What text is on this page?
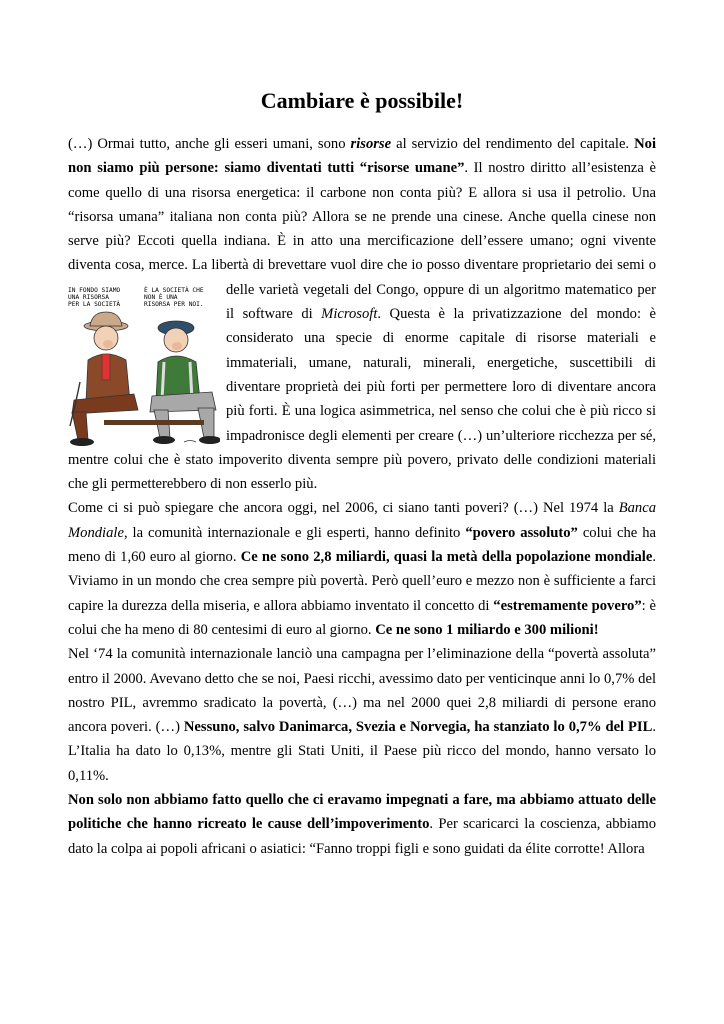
Cambiare è possibile!

(…) Ormai tutto, anche gli esseri umani, sono risorse al servizio del rendimento del capitale. Noi non siamo più persone: siamo diventati tutti “risorse umane”. Il nostro diritto all’esistenza è come quello di una risorsa energetica: il carbone non conta più? E allora si usa il petrolio. Una “risorsa umana” italiana non conta più? Allora se ne prende una cinese. Anche quella cinese non serve più? Eccoti quella indiana. È in atto una mercificazione dell’essere umano; ogni vivente diventa cosa, merce. La libertà di brevettare vuol dire che io posso diventare proprietario dei semi o
IN FONDO SIAMO UNA RISORSA PER LA SOCIETÀ
È LA SOCIETÀ CHE NON È UNA RISORSA PER NOI.
delle varietà vegetali del Congo, oppure di un algoritmo matematico per il software di Microsoft. Questa è la privatizzazione del mondo: è considerato una specie di enorme capitale di risorse materiali e immateriali, umane, naturali, minerali, energetiche, suscettibili di diventare proprietà dei più forti per permettere loro di diventare ancora più forti. È una logica asimmetrica, nel senso che colui che è più ricco si impadronisce degli elementi per creare (…) un’ulteriore ricchezza per sé, mentre colui che è stato impoverito diventa sempre più povero, privato delle condizioni materiali che gli permetterebbero di non esserlo più.

Come ci si può spiegare che ancora oggi, nel 2006, ci siano tanti poveri? (…) Nel 1974 la Banca Mondiale, la comunità internazionale e gli esperti, hanno definito “povero assoluto” colui che ha meno di 1,60 euro al giorno. Ce ne sono 2,8 miliardi, quasi la metà della popolazione mondiale. Viviamo in un mondo che crea sempre più povertà. Però quell’euro e mezzo non è sufficiente a farci capire la durezza della miseria, e allora abbiamo inventato il concetto di “estremamente povero”: è colui che ha meno di 80 centesimi di euro al giorno. Ce ne sono 1 miliardo e 300 milioni!

Nel ‘74 la comunità internazionale lanciò una campagna per l’eliminazione della “povertà assoluta” entro il 2000. Avevano detto che se noi, Paesi ricchi, avessimo dato per venticinque anni lo 0,7% del nostro PIL, avremmo sradicato la povertà, (…) ma nel 2000 quei 2,8 miliardi di persone erano ancora poveri. (…) Nessuno, salvo Danimarca, Svezia e Norvegia, ha stanziato lo 0,7% del PIL. L’Italia ha dato lo 0,13%, mentre gli Stati Uniti, il Paese più ricco del mondo, hanno versato lo 0,11%.

Non solo non abbiamo fatto quello che ci eravamo impegnati a fare, ma abbiamo attuato delle politiche che hanno ricreato le cause dell’impoverimento. Per scaricarci la coscienza, abbiamo dato la colpa ai popoli africani o asiatici: “Fanno troppi figli e sono guidati da élite corrotte! Allora
